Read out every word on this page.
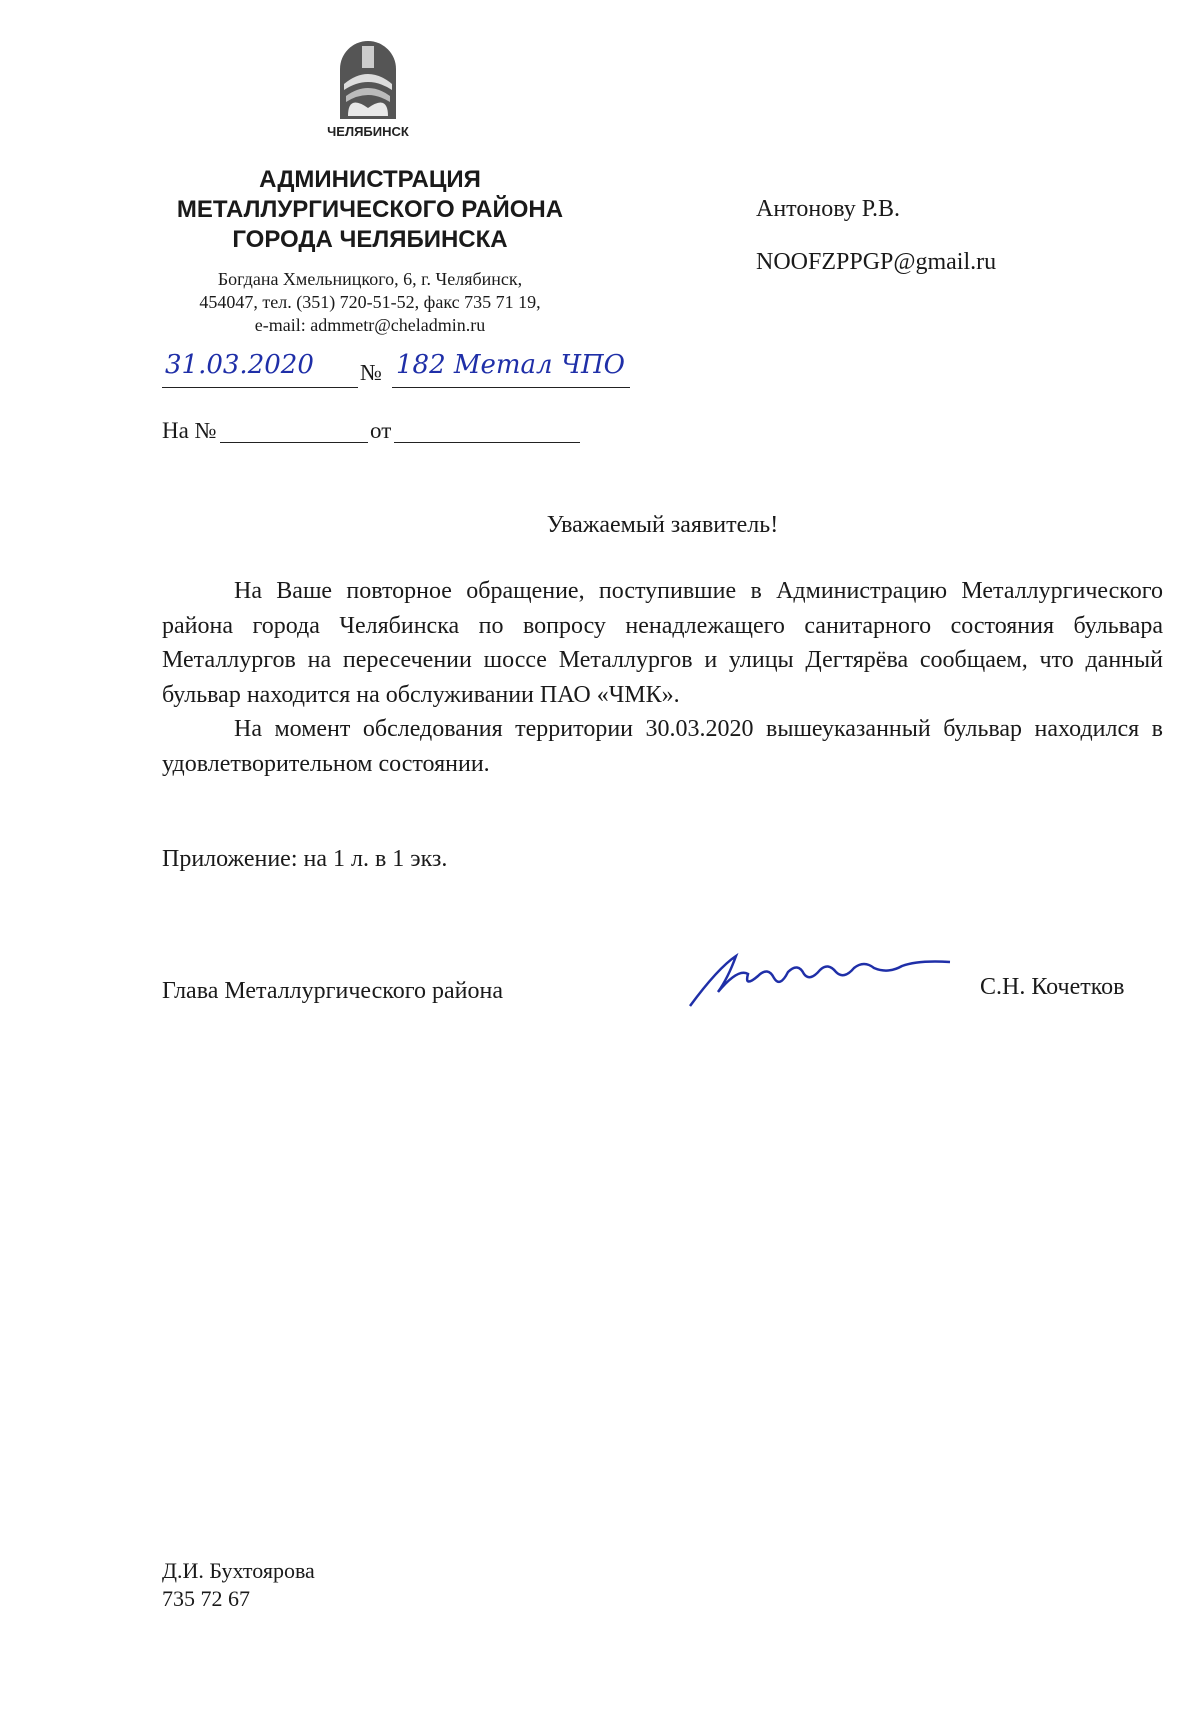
ЧЕЛЯБИНСК
АДМИНИСТРАЦИЯ
МЕТАЛЛУРГИЧЕСКОГО РАЙОНА
ГОРОДА ЧЕЛЯБИНСКА
Богдана Хмельницкого, 6, г. Челябинск,
454047, тел. (351) 720-51-52, факс 735 71 19,
e-mail: admmetr@cheladmin.ru
31.03.2020 № 182 Метал ЧПО
На №	от
Антонову Р.В.
NOOFZPPGP@gmail.ru
Уважаемый заявитель!

На Ваше повторное обращение, поступившие в Администрацию Металлургического района города Челябинска по вопросу ненадлежащего санитарного состояния бульвара Металлургов на пересечении шоссе Металлургов и улицы Дегтярёва сообщаем, что данный бульвар находится на обслуживании ПАО «ЧМК».

На момент обследования территории 30.03.2020 вышеуказанный бульвар находился в удовлетворительном состоянии.

Приложение: на 1 л. в 1 экз.
Глава Металлургического района	С.Н. Кочетков
Д.И. Бухтоярова
735 72 67
